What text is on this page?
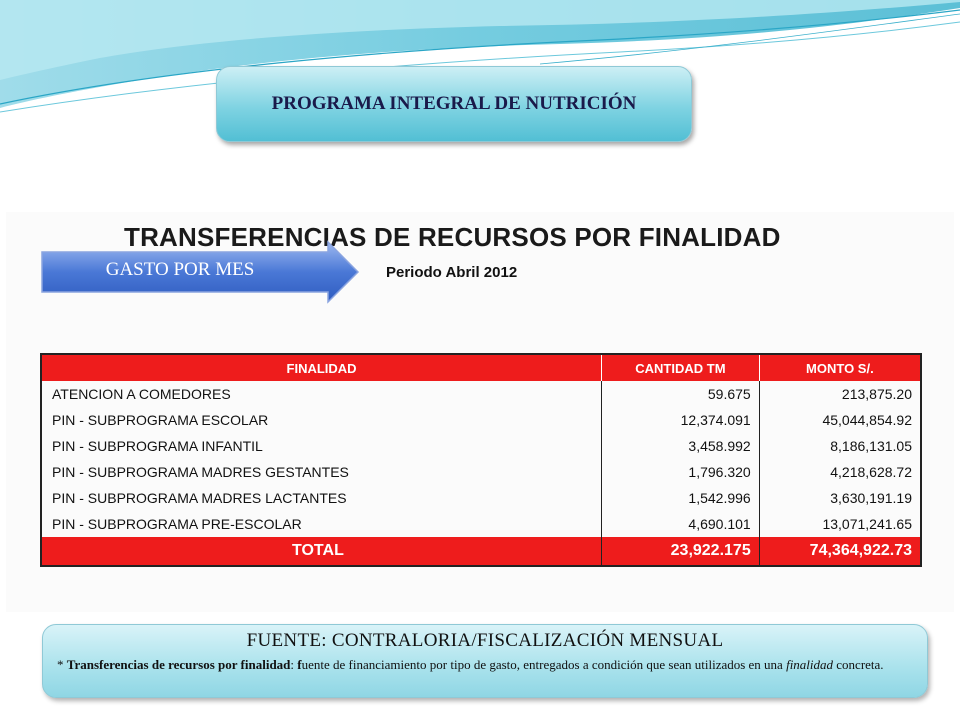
PROGRAMA INTEGRAL DE NUTRICIÓN
TRANSFERENCIAS DE RECURSOS POR FINALIDAD
Periodo Abril 2012
GASTO POR MES
FINALIDAD	CANTIDAD TM	MONTO S/.
ATENCION A COMEDORES	59.675	213,875.20
PIN - SUBPROGRAMA ESCOLAR	12,374.091	45,044,854.92
PIN - SUBPROGRAMA INFANTIL	3,458.992	8,186,131.05
PIN - SUBPROGRAMA MADRES GESTANTES	1,796.320	4,218,628.72
PIN - SUBPROGRAMA MADRES LACTANTES	1,542.996	3,630,191.19
PIN - SUBPROGRAMA PRE-ESCOLAR	4,690.101	13,071,241.65
TOTAL	23,922.175	74,364,922.73
FUENTE: CONTRALORIA/FISCALIZACIÓN MENSUAL
* Transferencias de recursos por finalidad: fuente de financiamiento por tipo de gasto, entregados a condición que sean utilizados en una finalidad concreta.
